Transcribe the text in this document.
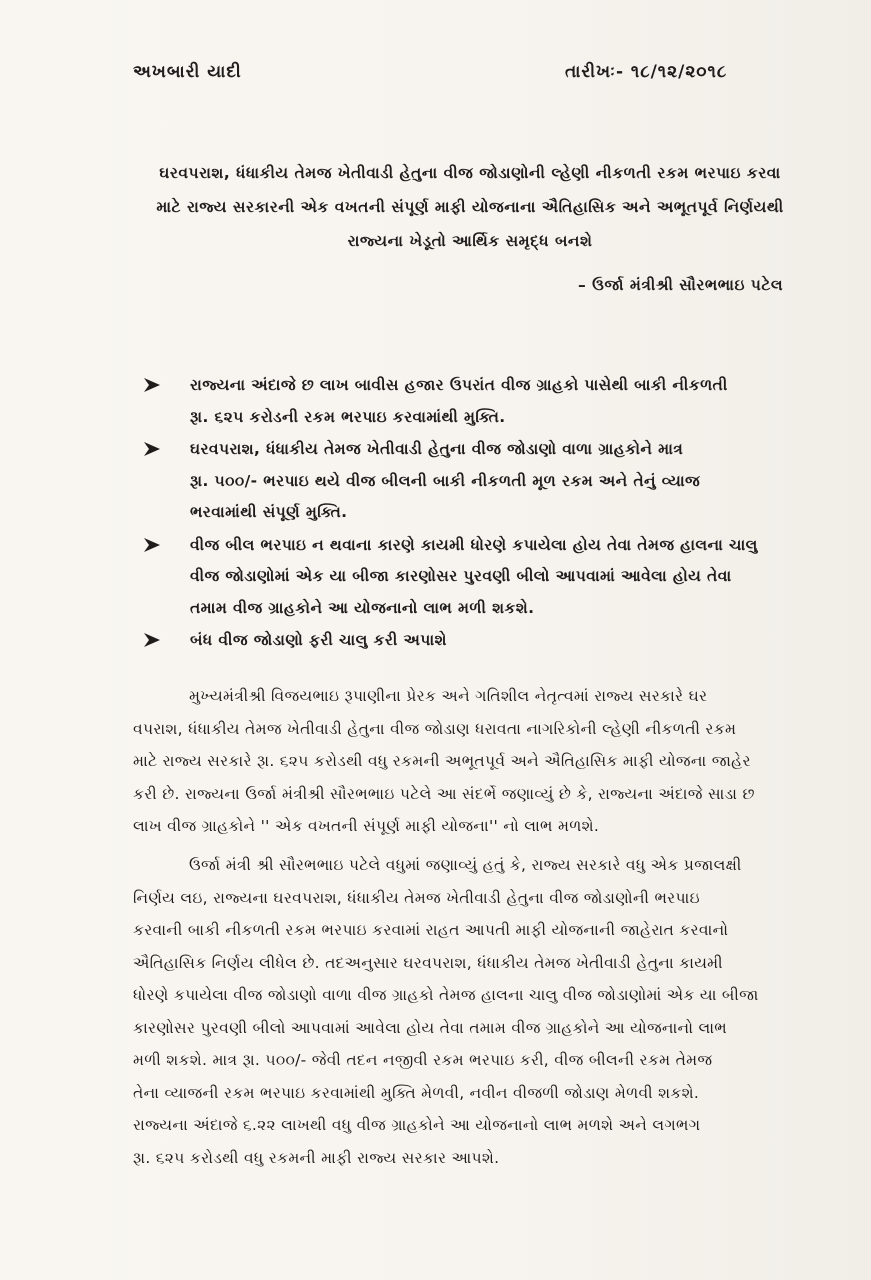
અખબારી યાદી	તારીખઃ- ૧૮/૧૨/૨૦૧૮
ઘરવપરાશ, ધંધાકીય તેમજ ખેતીવાડી હેતુના વીજ જોડાણોની લ્હેણી નીકળતી રકમ ભરપાઇ કરવા
માટે રાજ્ય સરકારની એક વખતની સંપૂર્ણ માફી યોજનાના ઐતિહાસિક અને અભૂતપૂર્વ નિર્ણયથી
રાજ્યના ખેડૂતો આર્થિક સમૃદ્ધ બનશે
– ઉર્જા મંત્રીશ્રી સૌરભભાઇ પટેલ
રાજ્યના અંદાજે છ લાખ બાવીસ હજાર ઉપરાંત વીજ ગ્રાહકો પાસેથી બાકી નીકળતી
રૂા. ૬૨૫ કરોડની રકમ ભરપાઇ કરવામાંથી મુક્તિ.
ઘરવપરાશ, ધંધાકીય તેમજ ખેતીવાડી હેતુના વીજ જોડાણો વાળા ગ્રાહકોને માત્ર
રૂા. ૫૦૦/- ભરપાઇ થયે વીજ બીલની બાકી નીકળતી મૂળ રકમ અને તેનું વ્યાજ
ભરવામાંથી સંપૂર્ણ મુક્તિ.
વીજ બીલ ભરપાઇ ન થવાના કારણે કાયમી ધોરણે કપાયેલા હોય તેવા તેમજ હાલના ચાલુ
વીજ જોડાણોમાં એક યા બીજા કારણોસર પુરવણી બીલો આપવામાં આવેલા હોય તેવા
તમામ વીજ ગ્રાહકોને આ યોજનાનો લાભ મળી શકશે.
બંધ વીજ જોડાણો ફરી ચાલુ કરી અપાશે
મુખ્યમંત્રીશ્રી વિજયભાઇ રૂપાણીના પ્રેરક અને ગતિશીલ નેતૃત્વમાં રાજ્ય સરકારે ઘર
વપરાશ, ધંધાકીય તેમજ ખેતીવાડી હેતુના વીજ જોડાણ ધરાવતા નાગરિકોની લ્હેણી નીકળતી રકમ
માટે રાજ્ય સરકારે રૂા. ૬૨૫ કરોડથી વધુ રકમની અભૂતપૂર્વ અને ઐતિહાસિક માફી યોજના જાહેર
કરી છે. રાજ્યના ઉર્જા મંત્રીશ્રી સૌરભભાઇ પટેલે આ સંદર્ભે જણાવ્યું છે કે, રાજ્યના અંદાજે સાડા છ
લાખ વીજ ગ્રાહકોને '' એક વખતની સંપૂર્ણ માફી યોજના'' નો લાભ મળશે.
ઉર્જા મંત્રી શ્રી સૌરભભાઇ પટેલે વધુમાં જણાવ્યું હતું કે, રાજ્ય સરકારે વધુ એક પ્રજાલક્ષી
નિર્ણય લઇ, રાજ્યના ઘરવપરાશ, ધંધાકીય તેમજ ખેતીવાડી હેતુના વીજ જોડાણોની ભરપાઇ
કરવાની બાકી નીકળતી રકમ ભરપાઇ કરવામાં રાહત આપતી માફી યોજનાની જાહેરાત કરવાનો
ઐતિહાસિક નિર્ણય લીધેલ છે. તદઅનુસાર ઘરવપરાશ, ધંધાકીય તેમજ ખેતીવાડી હેતુના કાયમી
ધોરણે કપાયેલા વીજ જોડાણો વાળા વીજ ગ્રાહકો તેમજ હાલના ચાલુ વીજ જોડાણોમાં એક યા બીજા
કારણોસર પુરવણી બીલો આપવામાં આવેલા હોય તેવા તમામ વીજ ગ્રાહકોને આ યોજનાનો લાભ
મળી શકશે. માત્ર રૂા. ૫૦૦/- જેવી તદન નજીવી રકમ ભરપાઇ કરી, વીજ બીલની રકમ તેમજ
તેના વ્યાજની રકમ ભરપાઇ કરવામાંથી મુક્તિ મેળવી, નવીન વીજળી જોડાણ મેળવી શકશે.
રાજ્યના અંદાજે ૬.૨૨ લાખથી વધુ વીજ ગ્રાહકોને આ યોજનાનો લાભ મળશે અને લગભગ
રૂા. ૬૨૫ કરોડથી વધુ રકમની માફી રાજ્ય સરકાર આપશે.
